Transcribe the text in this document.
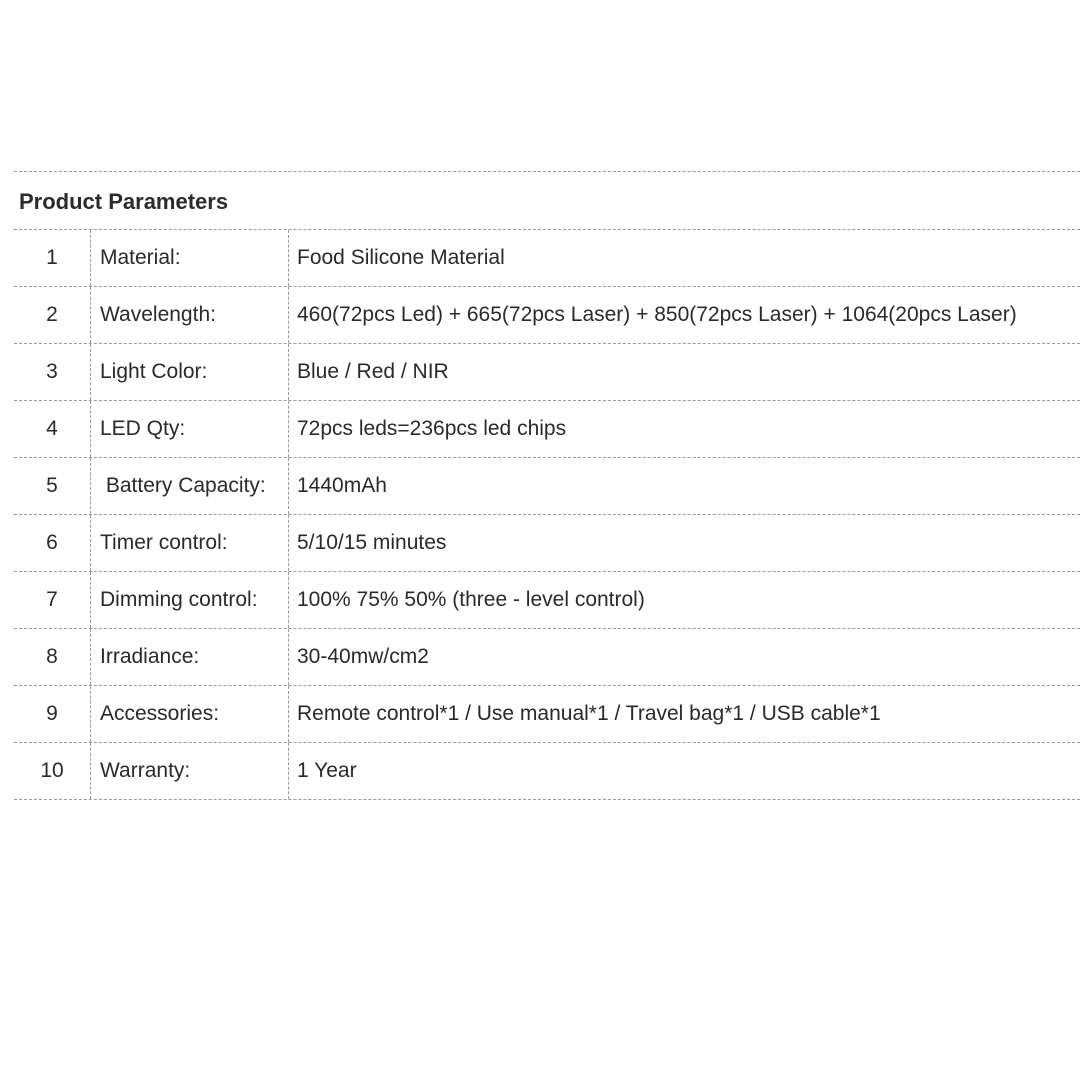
Product Parameters
1	Material:	Food Silicone Material
2	Wavelength:	460(72pcs Led) + 665(72pcs Laser) + 850(72pcs Laser) + 1064(20pcs Laser)
3	Light Color:	Blue / Red / NIR
4	LED Qty:	72pcs leds=236pcs led chips
5	Battery Capacity:	1440mAh
6	Timer control:	5/10/15 minutes
7	Dimming control:	100% 75% 50% (three - level control)
8	Irradiance:	30-40mw/cm2
9	Accessories:	Remote control*1 / Use manual*1 / Travel bag*1 / USB cable*1
10	Warranty:	1 Year
